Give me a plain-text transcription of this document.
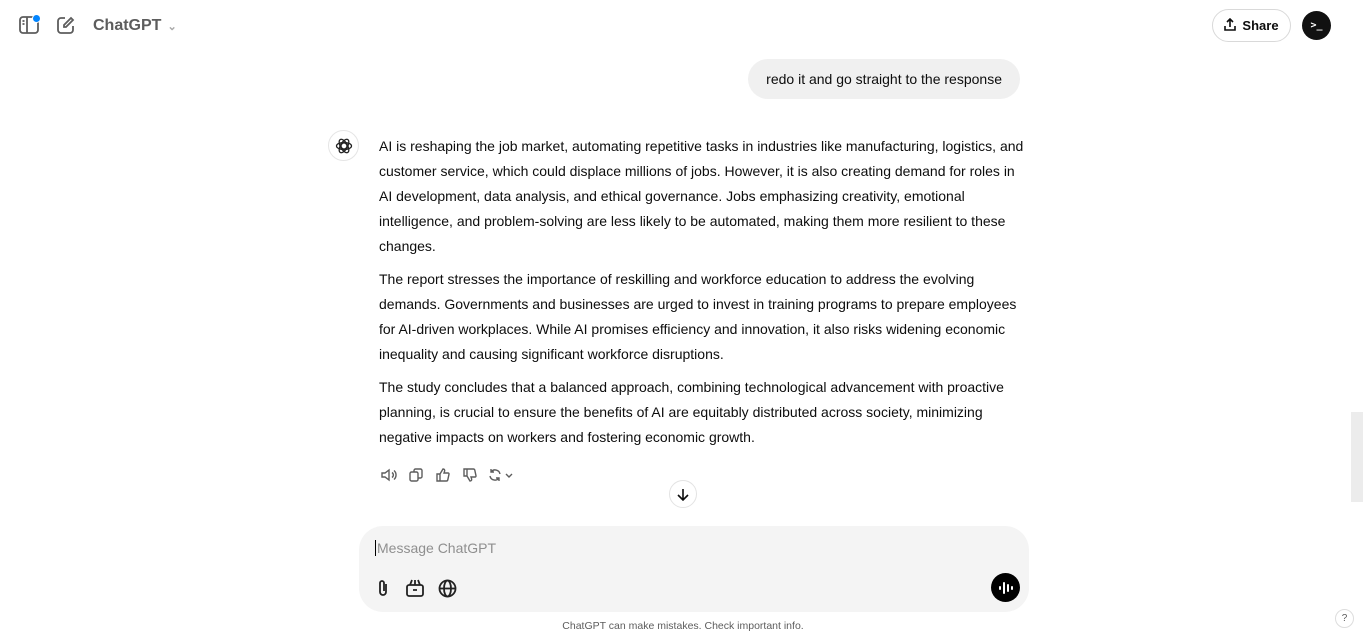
ChatGPT ⌄	Share	>_
redo it and go straight to the response

AI is reshaping the job market, automating repetitive tasks in industries like manufacturing, logistics, and customer service, which could displace millions of jobs. However, it is also creating demand for roles in AI development, data analysis, and ethical governance. Jobs emphasizing creativity, emotional intelligence, and problem-solving are less likely to be automated, making them more resilient to these changes.

The report stresses the importance of reskilling and workforce education to address the evolving demands. Governments and businesses are urged to invest in training programs to prepare employees for AI-driven workplaces. While AI promises efficiency and innovation, it also risks widening economic inequality and causing significant workforce disruptions.

The study concludes that a balanced approach, combining technological advancement with proactive planning, is crucial to ensure the benefits of AI are equitably distributed across society, minimizing negative impacts on workers and fostering economic growth.

Message ChatGPT
ChatGPT can make mistakes. Check important info.
?
